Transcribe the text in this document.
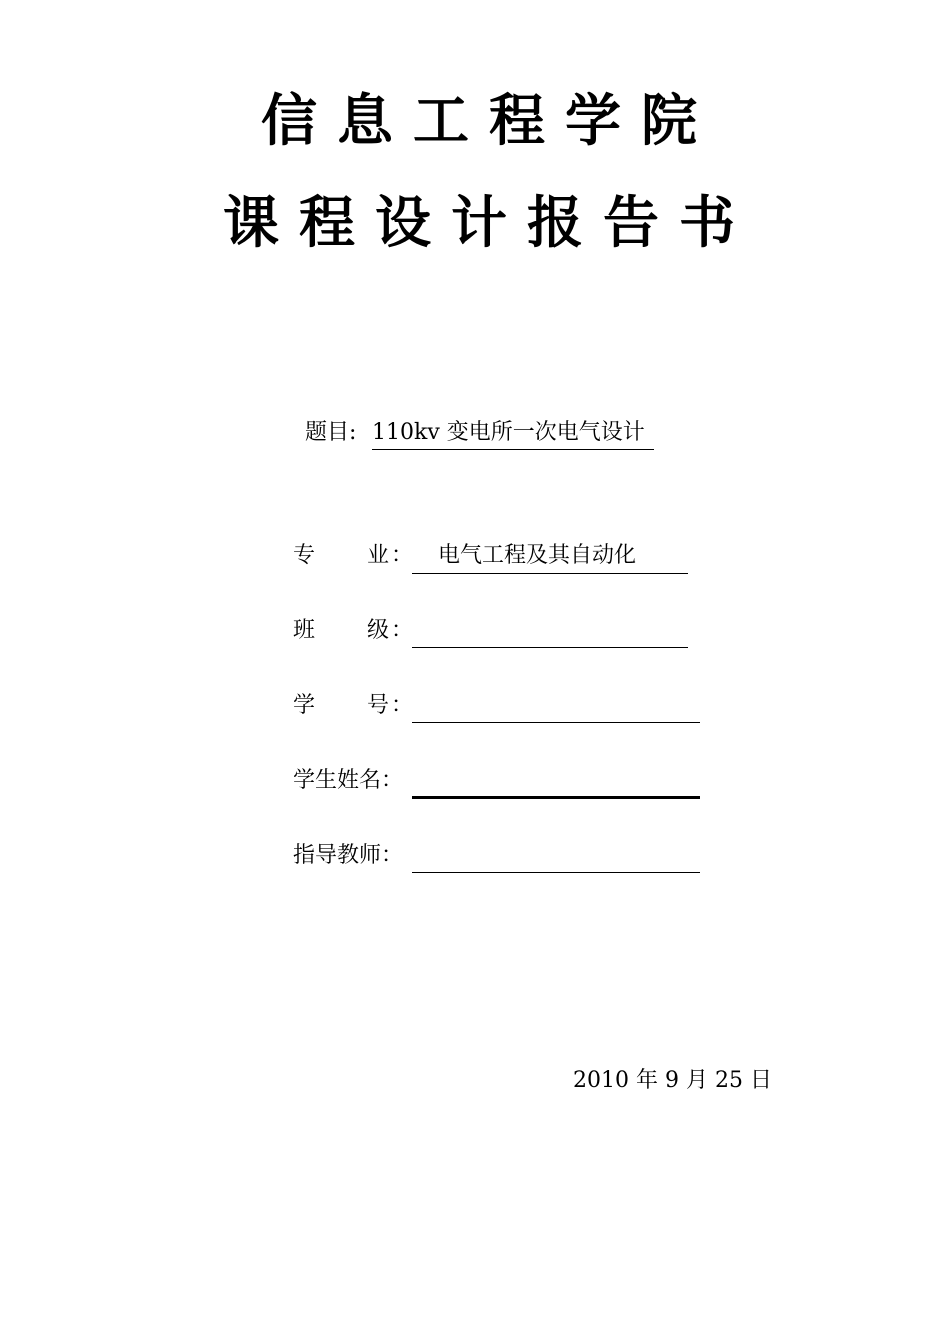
信息工程学院
课程设计报告书
题目: 110kv 变电所一次电气设计
专 业 ： 电气工程及其自动化
班 级 ：
学 号 ：
学生姓名：
指导教师：
2010 年 9 月 25 日
